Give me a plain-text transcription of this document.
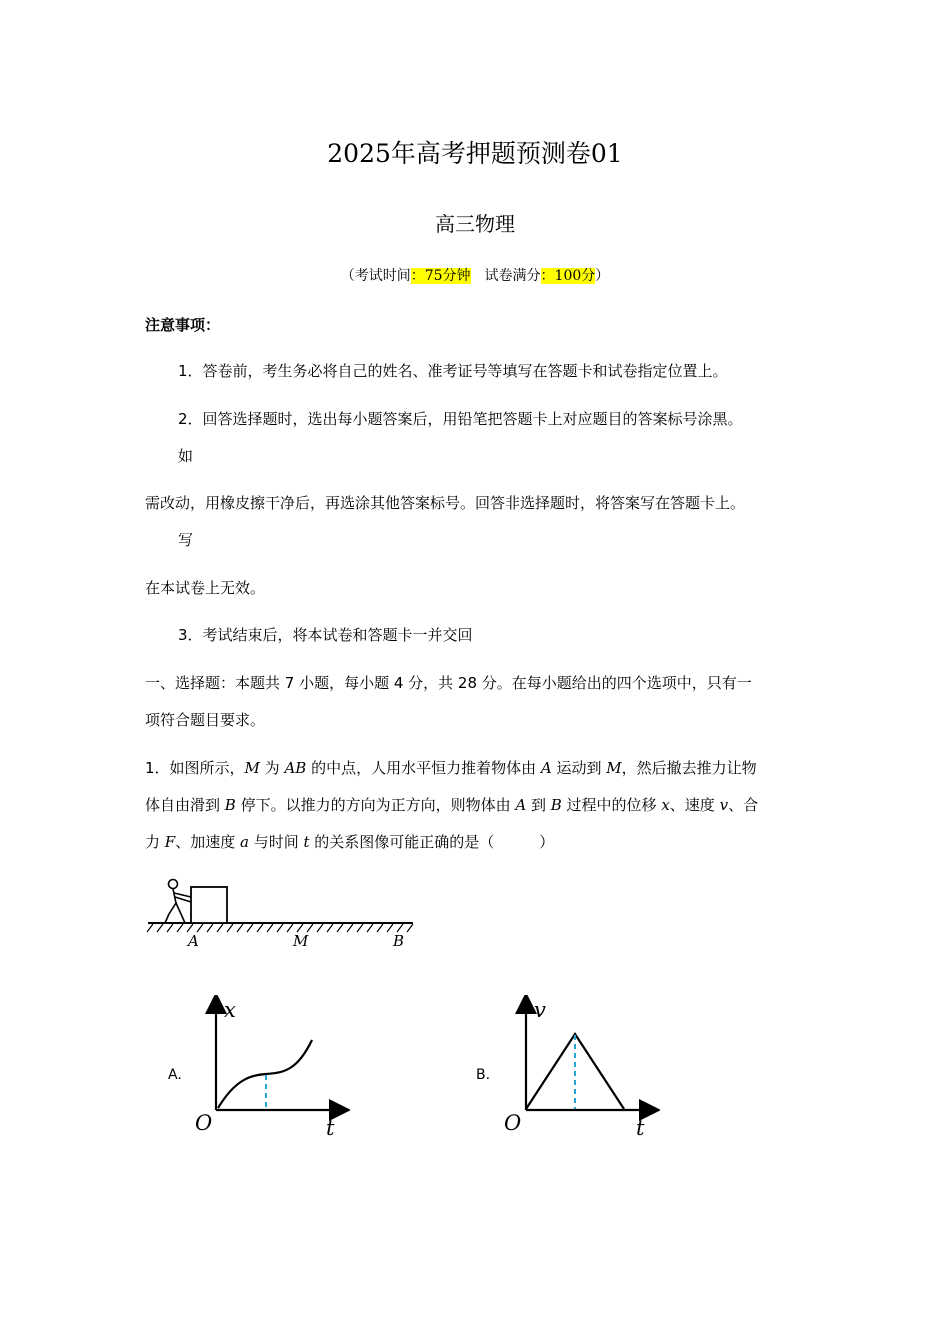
2025年高考押题预测卷01
高三物理
（考试时间：75分钟　试卷满分：100分）
注意事项：
1．答卷前，考生务必将自己的姓名、准考证号等填写在答题卡和试卷指定位置上。
2．回答选择题时，选出每小题答案后，用铅笔把答题卡上对应题目的答案标号涂黑。
如
需改动，用橡皮擦干净后，再选涂其他答案标号。回答非选择题时，将答案写在答题卡上。
写
在本试卷上无效。
3．考试结束后，将本试卷和答题卡一并交回
一、选择题：本题共 7 小题，每小题 4 分，共 28 分。在每小题给出的四个选项中，只有一
项符合题目要求。
1．如图所示，M 为 AB 的中点，人用水平恒力推着物体由 A 运动到 M，然后撤去推力让物
体自由滑到 B 停下。以推力的方向为正方向，则物体由 A 到 B 过程中的位移 x、速度 v、合
力 F、加速度 a 与时间 t 的关系图像可能正确的是（　　　）
A	M	B
A.
x
t
O
B.
v
t
O
